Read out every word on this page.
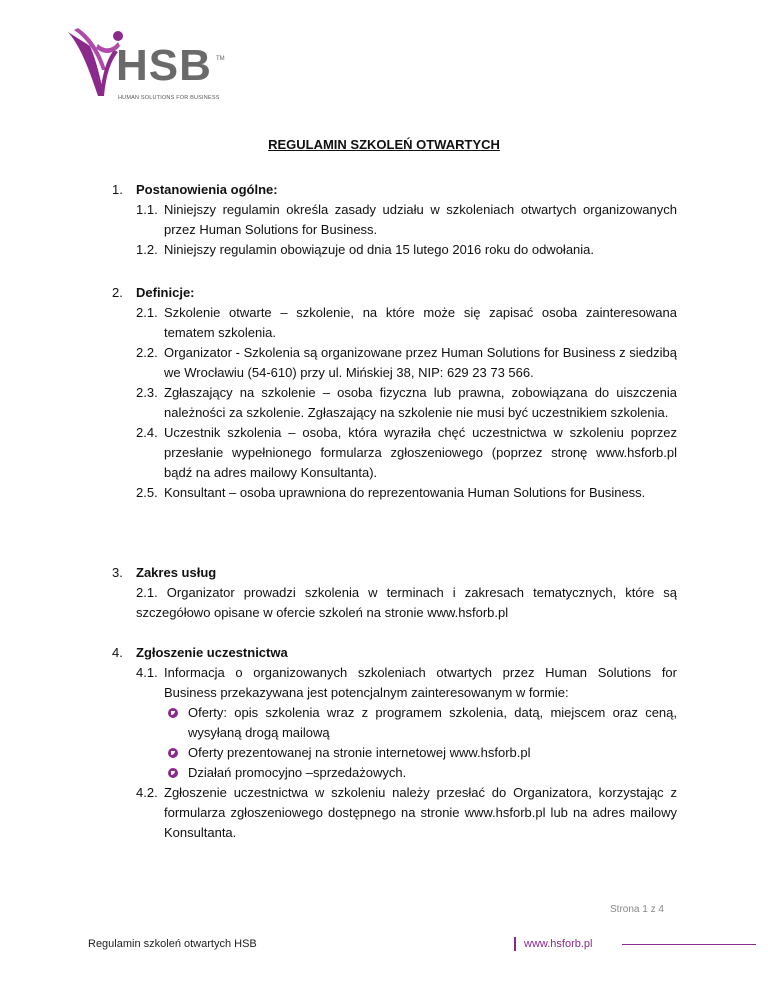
HSB TM
HUMAN SOLUTIONS FOR BUSINESS
REGULAMIN SZKOLEŃ OTWARTYCH
1.	Postanowienia ogólne:
1.1. Niniejszy regulamin określa zasady udziału w szkoleniach otwartych organizowanych przez Human Solutions for Business.
1.2. Niniejszy regulamin obowiązuje od dnia 15 lutego 2016 roku do odwołania.
2.	Definicje:
2.1. Szkolenie otwarte – szkolenie, na które może się zapisać osoba zainteresowana tematem szkolenia.
2.2. Organizator - Szkolenia są organizowane przez Human Solutions for Business z siedzibą we Wrocławiu (54-610) przy ul. Mińskiej 38, NIP: 629 23 73 566.
2.3. Zgłaszający na szkolenie – osoba fizyczna lub prawna, zobowiązana do uiszczenia należności za szkolenie. Zgłaszający na szkolenie nie musi być uczestnikiem szkolenia.
2.4. Uczestnik szkolenia – osoba, która wyraziła chęć uczestnictwa w szkoleniu poprzez przesłanie wypełnionego formularza zgłoszeniowego (poprzez stronę www.hsforb.pl bądź na adres mailowy Konsultanta).
2.5. Konsultant – osoba uprawniona do reprezentowania Human Solutions for Business.
3.	Zakres usług
2.1. Organizator prowadzi szkolenia w terminach i zakresach tematycznych, które są szczegółowo opisane w ofercie szkoleń na stronie www.hsforb.pl
4.	Zgłoszenie uczestnictwa
4.1. Informacja o organizowanych szkoleniach otwartych przez Human Solutions for Business przekazywana jest potencjalnym zainteresowanym w formie:
Oferty: opis szkolenia wraz z programem szkolenia, datą, miejscem oraz ceną, wysyłaną drogą mailową
Oferty prezentowanej na stronie internetowej www.hsforb.pl
Działań promocyjno –sprzedażowych.
4.2. Zgłoszenie uczestnictwa w szkoleniu należy przesłać do Organizatora, korzystając z formularza zgłoszeniowego dostępnego na stronie www.hsforb.pl lub na adres mailowy Konsultanta.
Strona 1 z 4
Regulamin szkoleń otwartych HSB	www.hsforb.pl
